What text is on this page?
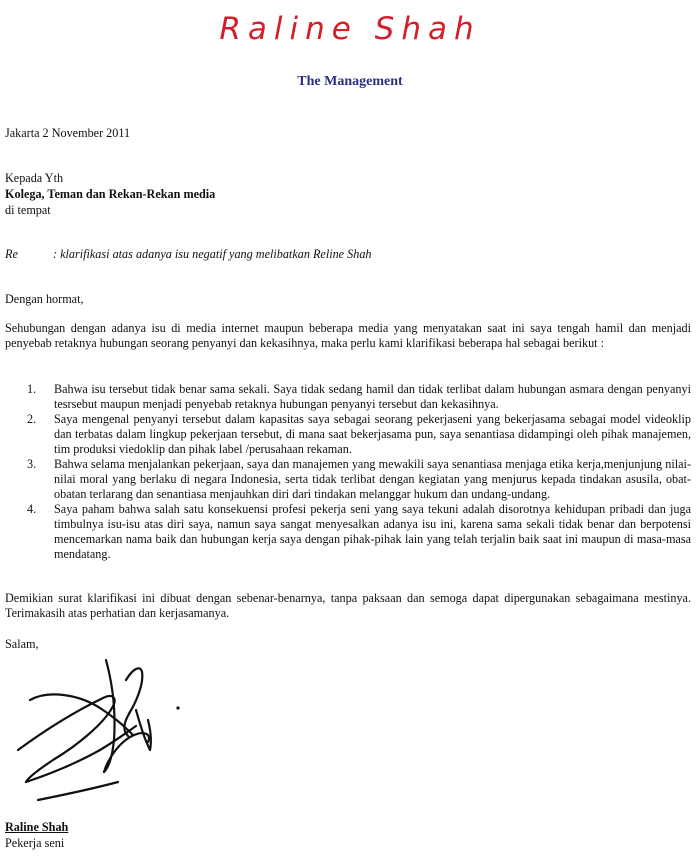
Raline Shah
The Management
Jakarta 2 November 2011
Kepada Yth
Kolega, Teman dan Rekan-Rekan media
di tempat
Re	: klarifikasi atas adanya isu negatif yang melibatkan Reline Shah
Dengan hormat,
Sehubungan dengan adanya isu di media internet maupun beberapa media yang menyatakan saat ini saya tengah hamil dan menjadi penyebab retaknya hubungan seorang penyanyi dan kekasihnya, maka perlu kami klarifikasi beberapa hal sebagai berikut :
1. Bahwa isu tersebut tidak benar sama sekali. Saya tidak sedang hamil dan tidak terlibat dalam hubungan asmara dengan penyanyi tesrsebut maupun menjadi penyebab retaknya hubungan penyanyi tersebut dan kekasihnya.
2. Saya mengenal penyanyi tersebut dalam kapasitas saya sebagai seorang pekerjaseni yang bekerjasama sebagai model videoklip dan terbatas dalam lingkup pekerjaan tersebut, di mana saat bekerjasama pun, saya senantiasa didampingi oleh pihak manajemen, tim produksi viedoklip dan pihak label /perusahaan rekaman.
3. Bahwa selama menjalankan pekerjaan, saya dan manajemen yang mewakili saya senantiasa menjaga etika kerja,menjunjung nilai-nilai moral yang berlaku di negara Indonesia, serta tidak terlibat dengan kegiatan yang menjurus kepada tindakan asusila, obat-obatan terlarang dan senantiasa menjauhkan diri dari tindakan melanggar hukum dan undang-undang.
4. Saya paham bahwa salah satu konsekuensi profesi pekerja seni yang saya tekuni adalah disorotnya kehidupan pribadi dan juga timbulnya isu-isu atas diri saya, namun saya sangat menyesalkan adanya isu ini, karena sama sekali tidak benar dan berpotensi mencemarkan nama baik dan hubungan kerja saya dengan pihak-pihak lain yang telah terjalin baik saat ini maupun di masa-masa mendatang.
Demikian surat klarifikasi ini dibuat dengan sebenar-benarnya, tanpa paksaan dan semoga dapat dipergunakan sebagaimana mestinya. Terimakasih atas perhatian dan kerjasamanya.
Salam,
Raline Shah
Pekerja seni
